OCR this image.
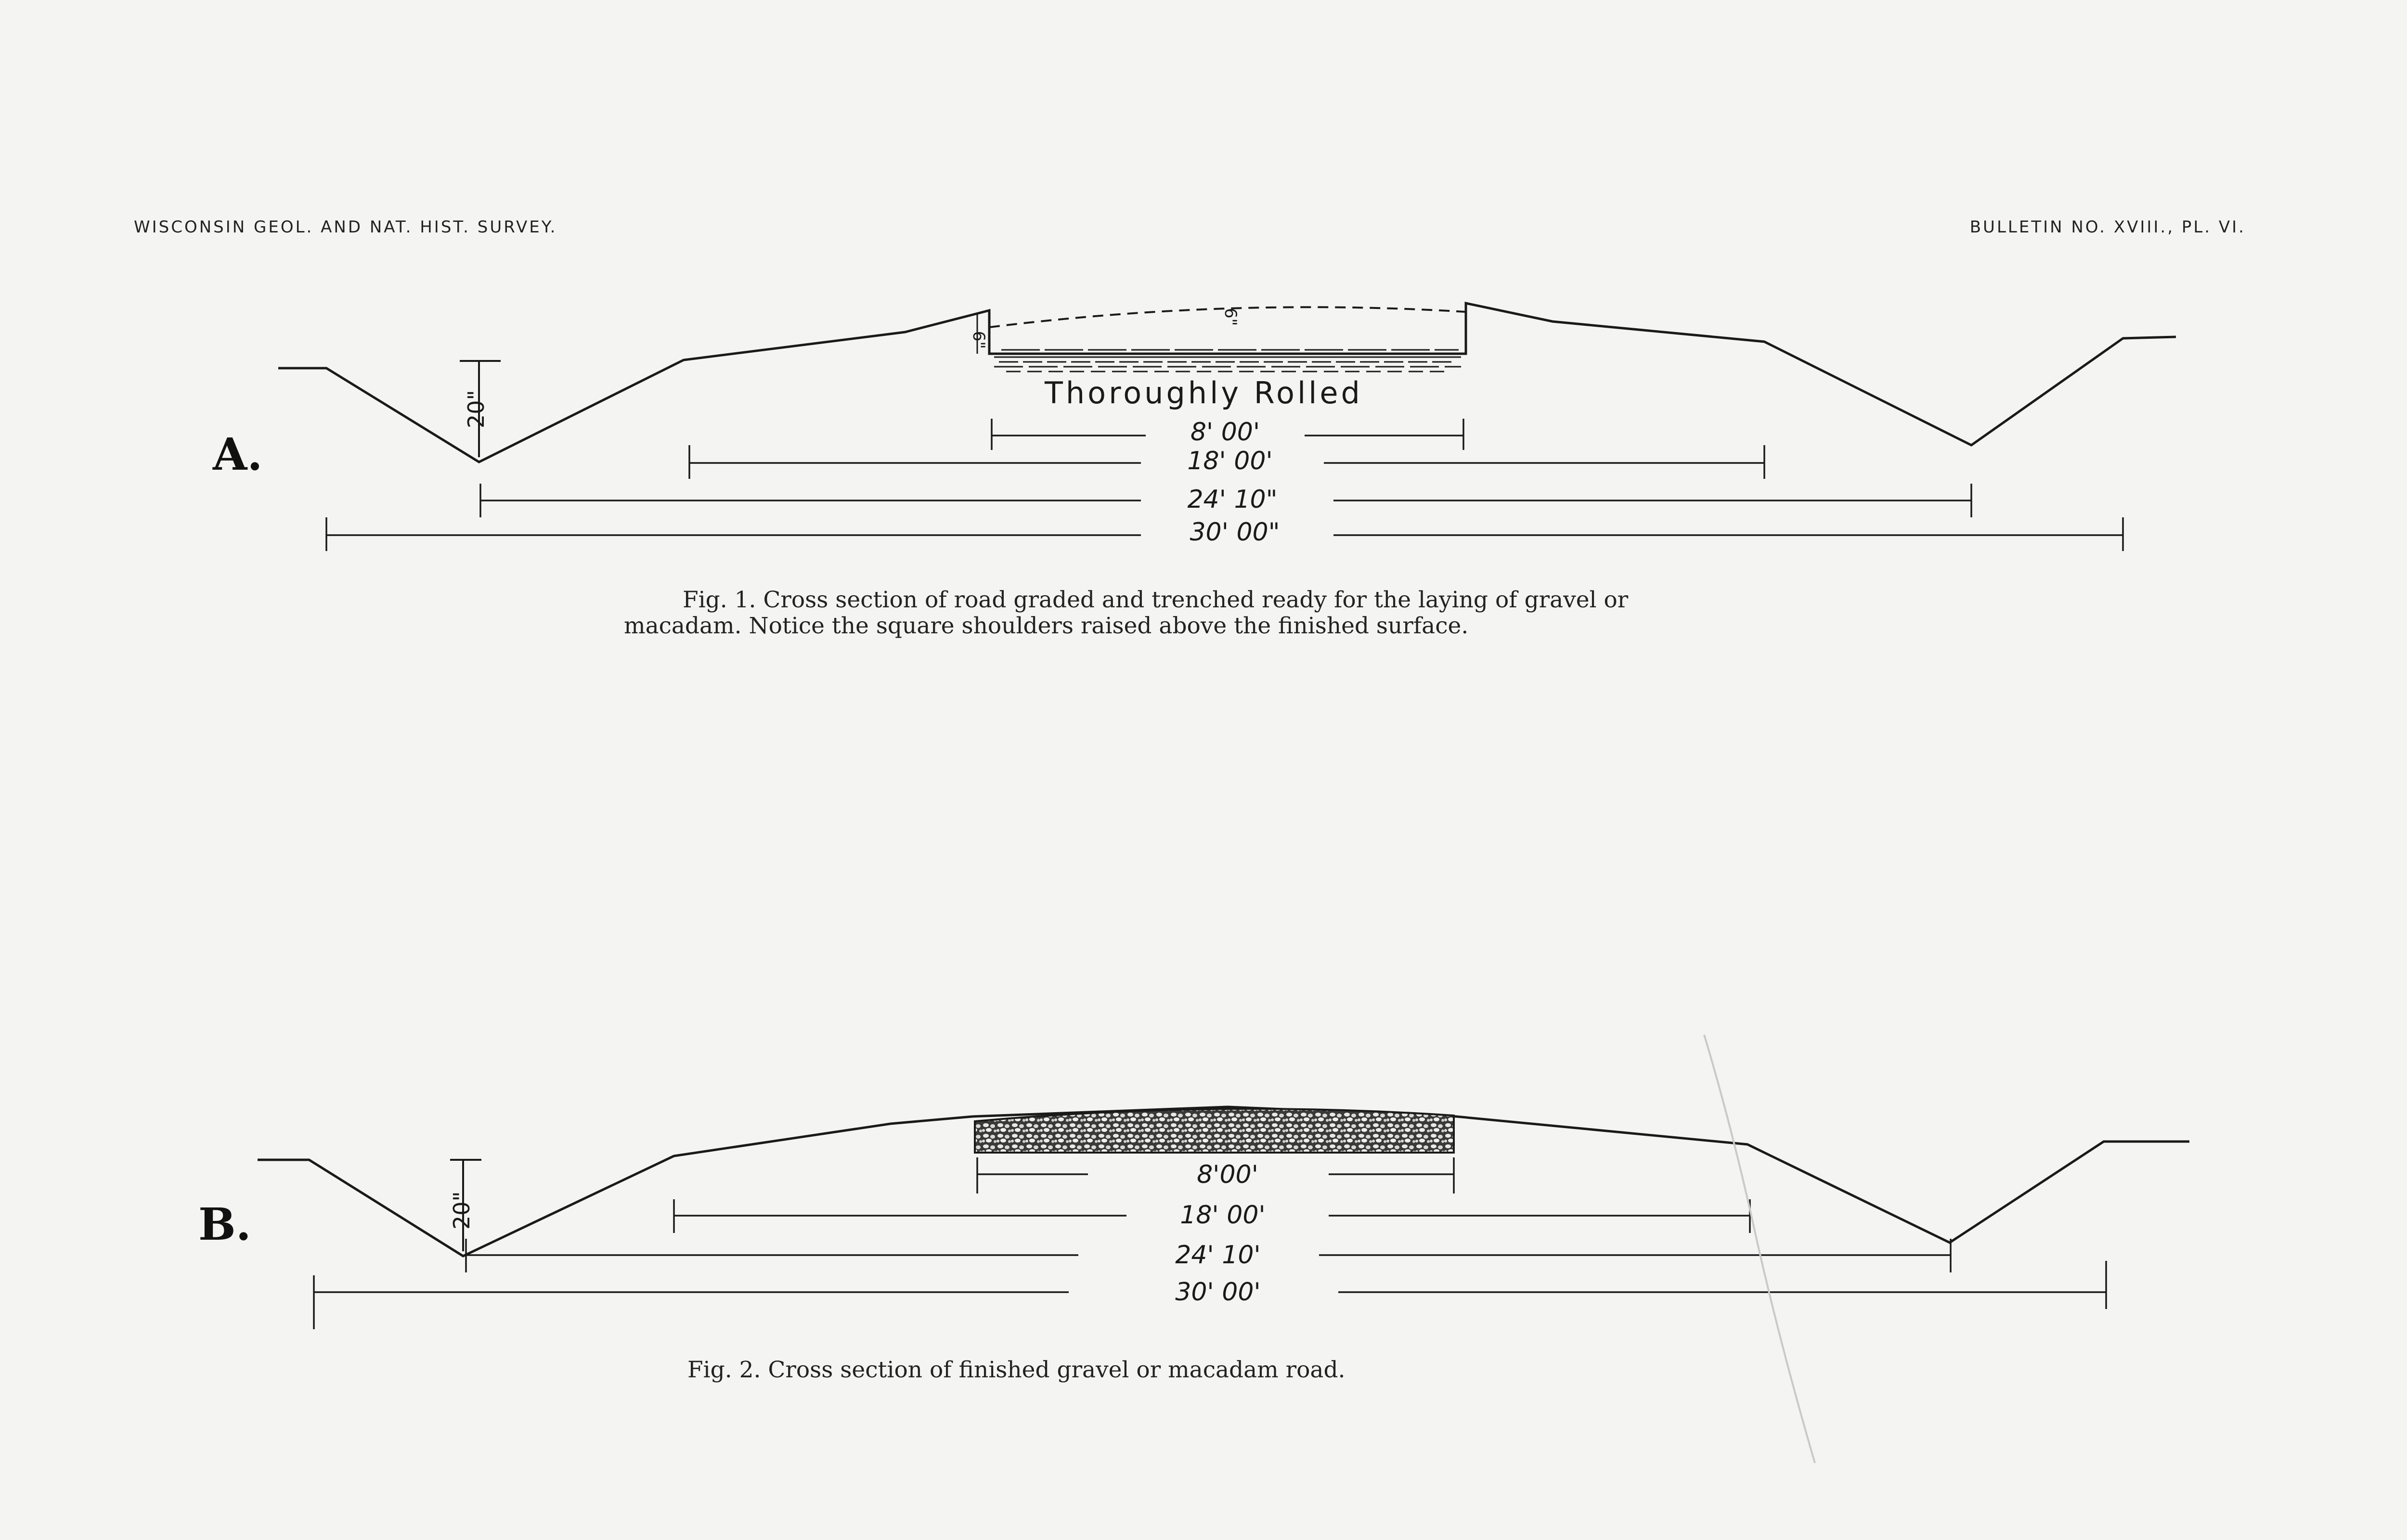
WISCONSIN GEOL. AND NAT. HIST. SURVEY.	BULLETIN NO. XVIII., PL. VI.
A.
B.
Thoroughly Rolled
20"
6"
6"
8' 00'
18' 00'
24' 10"
30' 00"
20"
8'00'
18' 00'
24' 10'
30' 00'
Fig. 1. Cross section of road graded and trenched ready for the laying of gravel or
macadam. Notice the square shoulders raised above the finished surface.
Fig. 2. Cross section of finished gravel or macadam road.
